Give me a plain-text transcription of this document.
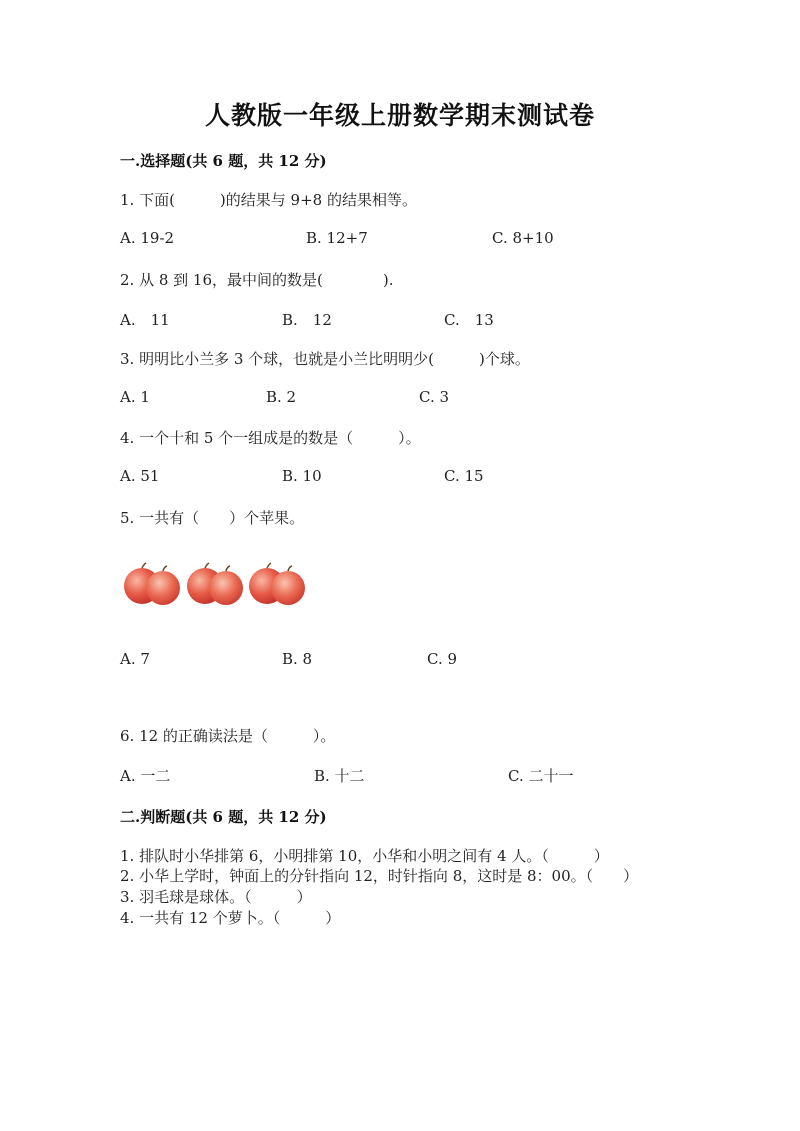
人教版一年级上册数学期末测试卷
一.选择题(共 6 题，共 12 分)
1. 下面(　　　)的结果与 9+8 的结果相等。
A. 19-2	B. 12+7	C. 8+10
2. 从 8 到 16，最中间的数是(　　　　).
A.　11	B.　12	C.　13
3. 明明比小兰多 3 个球，也就是小兰比明明少(　　　)个球。
A. 1	B. 2	C. 3
4. 一个十和 5 个一组成是的数是（　　　）。
A. 51	B. 10	C. 15
5. 一共有（　　）个苹果。
A. 7	B. 8	C. 9
6. 12 的正确读法是（　　　）。
A. 一二	B. 十二	C. 二十一
二.判断题(共 6 题，共 12 分)
1. 排队时小华排第 6，小明排第 10，小华和小明之间有 4 人。（　　　）
2. 小华上学时，钟面上的分针指向 12，时针指向 8，这时是 8：00。（　　）
3. 羽毛球是球体。（　　　）
4. 一共有 12 个萝卜。（　　　）
